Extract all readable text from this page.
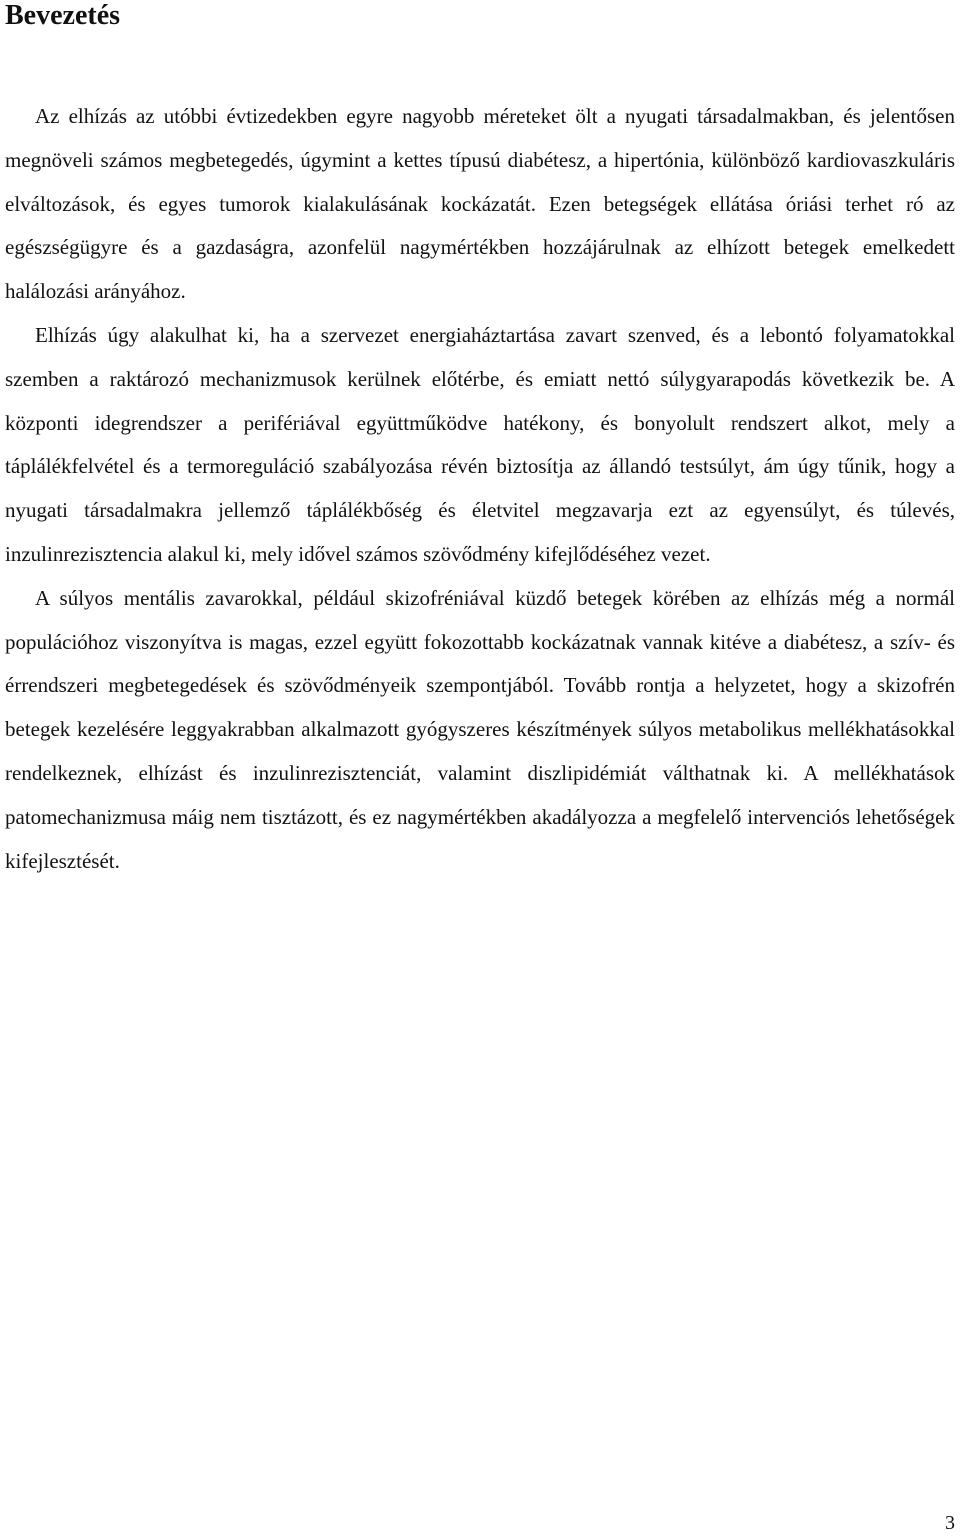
Bevezetés

Az elhízás az utóbbi évtizedekben egyre nagyobb méreteket ölt a nyugati társadalmakban, és jelentősen megnöveli számos megbetegedés, úgymint a kettes típusú diabétesz, a hipertónia, különböző kardiovaszkuláris elváltozások, és egyes tumorok kialakulásának kockázatát. Ezen betegségek ellátása óriási terhet ró az egészségügyre és a gazdaságra, azonfelül nagymértékben hozzájárulnak az elhízott betegek emelkedett halálozási arányához.

Elhízás úgy alakulhat ki, ha a szervezet energiaháztartása zavart szenved, és a lebontó folyamatokkal szemben a raktározó mechanizmusok kerülnek előtérbe, és emiatt nettó súlygyarapodás következik be. A központi idegrendszer a perifériával együttműködve hatékony, és bonyolult rendszert alkot, mely a táplálékfelvétel és a termoreguláció szabályozása révén biztosítja az állandó testsúlyt, ám úgy tűnik, hogy a nyugati társadalmakra jellemző táplálékbőség és életvitel megzavarja ezt az egyensúlyt, és túlevés, inzulinrezisztencia alakul ki, mely idővel számos szövődmény kifejlődéséhez vezet.

A súlyos mentális zavarokkal, például skizofréniával küzdő betegek körében az elhízás még a normál populációhoz viszonyítva is magas, ezzel együtt fokozottabb kockázatnak vannak kitéve a diabétesz, a szív- és érrendszeri megbetegedések és szövődményeik szempontjából. Tovább rontja a helyzetet, hogy a skizofrén betegek kezelésére leggyakrabban alkalmazott gyógyszeres készítmények súlyos metabolikus mellékhatásokkal rendelkeznek, elhízást és inzulinrezisztenciát, valamint diszlipidémiát válthatnak ki. A mellékhatások patomechanizmusa máig nem tisztázott, és ez nagymértékben akadályozza a megfelelő intervenciós lehetőségek kifejlesztését.

3
